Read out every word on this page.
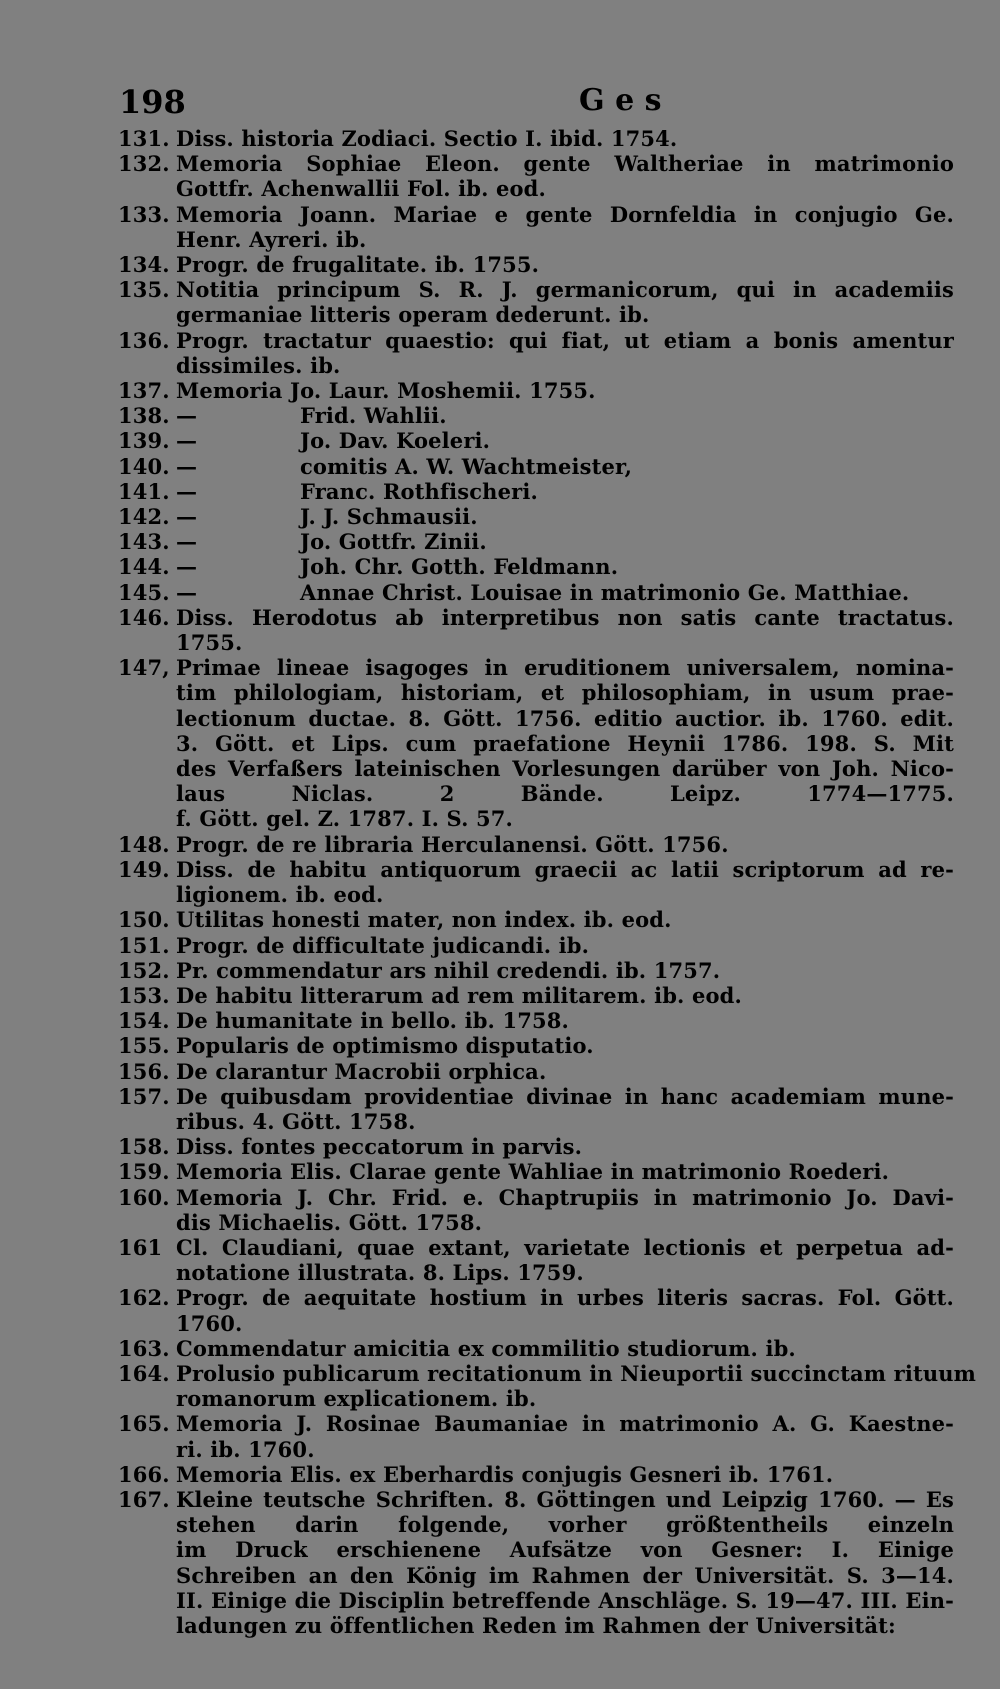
198	G e s
131. Diss. historia Zodiaci. Sectio I. ibid. 1754.
132. Memoria Sophiae Eleon. gente Waltheriae in matrimonio
Gottfr. Achenwallii Fol. ib. eod.
133. Memoria Joann. Mariae e gente Dornfeldia in conjugio Ge.
Henr. Ayreri. ib.
134. Progr. de frugalitate. ib. 1755.
135. Notitia principum S. R. J. germanicorum, qui in academiis
germaniae litteris operam dederunt. ib.
136. Progr. tractatur quaestio: qui fiat, ut etiam a bonis amentur
dissimiles. ib.
137. Memoria Jo. Laur. Moshemii. 1755.
138. —	Frid. Wahlii.
139. —	Jo. Dav. Koeleri.
140. —	comitis A. W. Wachtmeister,
141. —	Franc. Rothfischeri.
142. —	J. J. Schmausii.
143. —	Jo. Gottfr. Zinii.
144. —	Joh. Chr. Gotth. Feldmann.
145. —	Annae Christ. Louisae in matrimonio Ge. Matthiae.
146. Diss. Herodotus ab interpretibus non satis cante tractatus.
1755.
147, Primae lineae isagoges in eruditionem universalem, nomina-
tim philologiam, historiam, et philosophiam, in usum prae-
lectionum ductae. 8. Gött. 1756. editio auctior. ib. 1760. edit.
3. Gött. et Lips. cum praefatione Heynii 1786. 198. S. Mit
des Verfaßers lateinischen Vorlesungen darüber von Joh. Nico-
laus Niclas. 2 Bände. Leipz. 1774—1775.
f. Gött. gel. Z. 1787. I. S. 57.
148. Progr. de re libraria Herculanensi. Gött. 1756.
149. Diss. de habitu antiquorum graecii ac latii scriptorum ad re-
ligionem. ib. eod.
150. Utilitas honesti mater, non index. ib. eod.
151. Progr. de difficultate judicandi. ib.
152. Pr. commendatur ars nihil credendi. ib. 1757.
153. De habitu litterarum ad rem militarem. ib. eod.
154. De humanitate in bello. ib. 1758.
155. Popularis de optimismo disputatio.
156. De clarantur Macrobii orphica.
157. De quibusdam providentiae divinae in hanc academiam mune-
ribus. 4. Gött. 1758.
158. Diss. fontes peccatorum in parvis.
159. Memoria Elis. Clarae gente Wahliae in matrimonio Roederi.
160. Memoria J. Chr. Frid. e. Chaptrupiis in matrimonio Jo. Davi-
dis Michaelis. Gött. 1758.
161 Cl. Claudiani, quae extant, varietate lectionis et perpetua ad-
notatione illustrata. 8. Lips. 1759.
162. Progr. de aequitate hostium in urbes literis sacras. Fol. Gött.
1760.
163. Commendatur amicitia ex commilitio studiorum. ib.
164. Prolusio publicarum recitationum in Nieuportii succinctam rituum
romanorum explicationem. ib.
165. Memoria J. Rosinae Baumaniae in matrimonio A. G. Kaestne-
ri. ib. 1760.
166. Memoria Elis. ex Eberhardis conjugis Gesneri ib. 1761.
167. Kleine teutsche Schriften. 8. Göttingen und Leipzig 1760. — Es
stehen darin folgende, vorher größtentheils einzeln
im Druck erschienene Aufsätze von Gesner: I. Einige
Schreiben an den König im Rahmen der Universität. S. 3—14.
II. Einige die Disciplin betreffende Anschläge. S. 19—47. III. Ein-
ladungen zu öffentlichen Reden im Rahmen der Universität:
